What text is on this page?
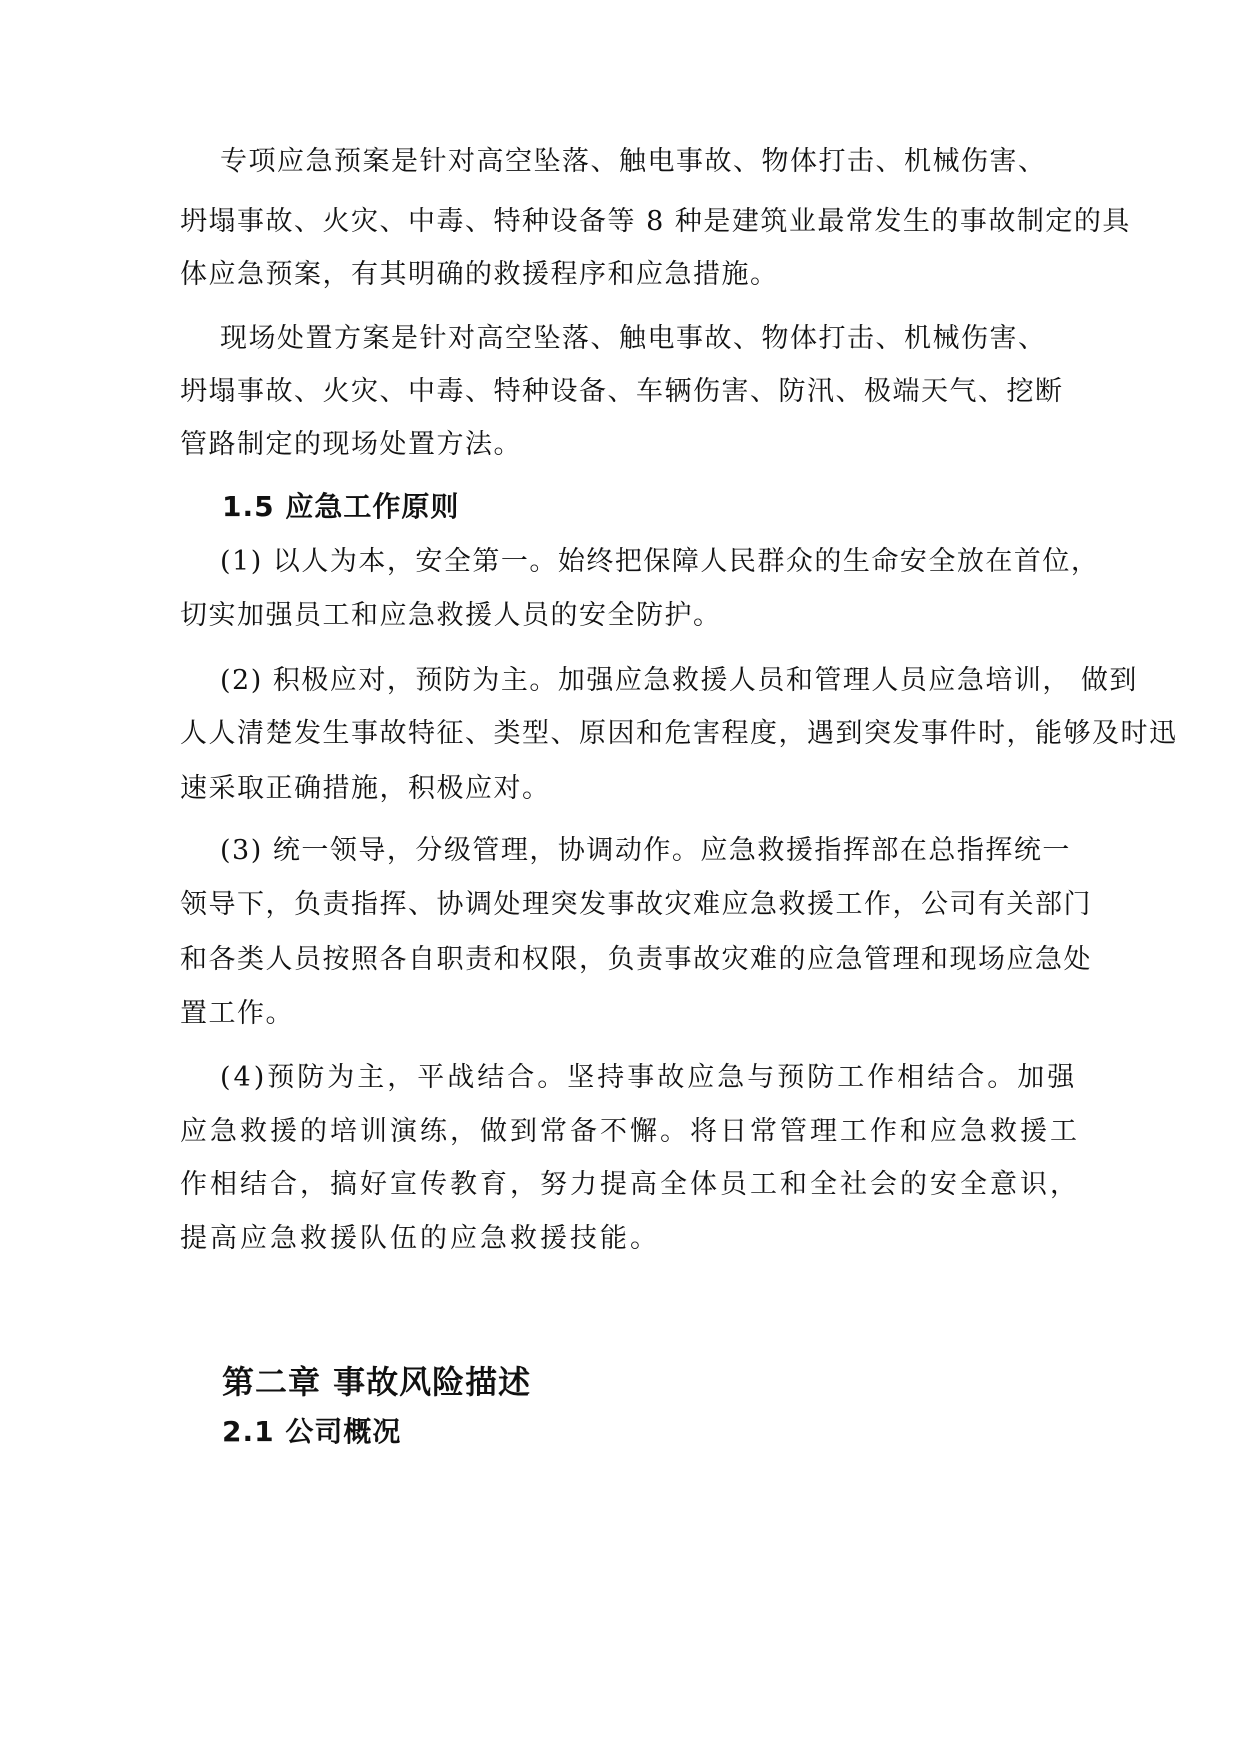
专项应急预案是针对高空坠落、触电事故、物体打击、机械伤害、
坍塌事故、火灾、中毒、特种设备等 8 种是建筑业最常发生的事故制定的具
体应急预案，有其明确的救援程序和应急措施。
现场处置方案是针对高空坠落、触电事故、物体打击、机械伤害、
坍塌事故、火灾、中毒、特种设备、车辆伤害、防汛、极端天气、挖断
管路制定的现场处置方法。
1.5 应急工作原则
(1) 以人为本，安全第一。始终把保障人民群众的生命安全放在首位，
切实加强员工和应急救援人员的安全防护。
(2) 积极应对，预防为主。加强应急救援人员和管理人员应急培训， 做到
人人清楚发生事故特征、类型、原因和危害程度，遇到突发事件时，能够及时迅
速采取正确措施，积极应对。
(3) 统一领导，分级管理，协调动作。应急救援指挥部在总指挥统一
领导下，负责指挥、协调处理突发事故灾难应急救援工作，公司有关部门
和各类人员按照各自职责和权限，负责事故灾难的应急管理和现场应急处
置工作。
(4)预防为主，平战结合。坚持事故应急与预防工作相结合。加强
应急救援的培训演练，做到常备不懈。将日常管理工作和应急救援工
作相结合，搞好宣传教育，努力提高全体员工和全社会的安全意识，
提高应急救援队伍的应急救援技能。
第二章 事故风险描述
2.1 公司概况
